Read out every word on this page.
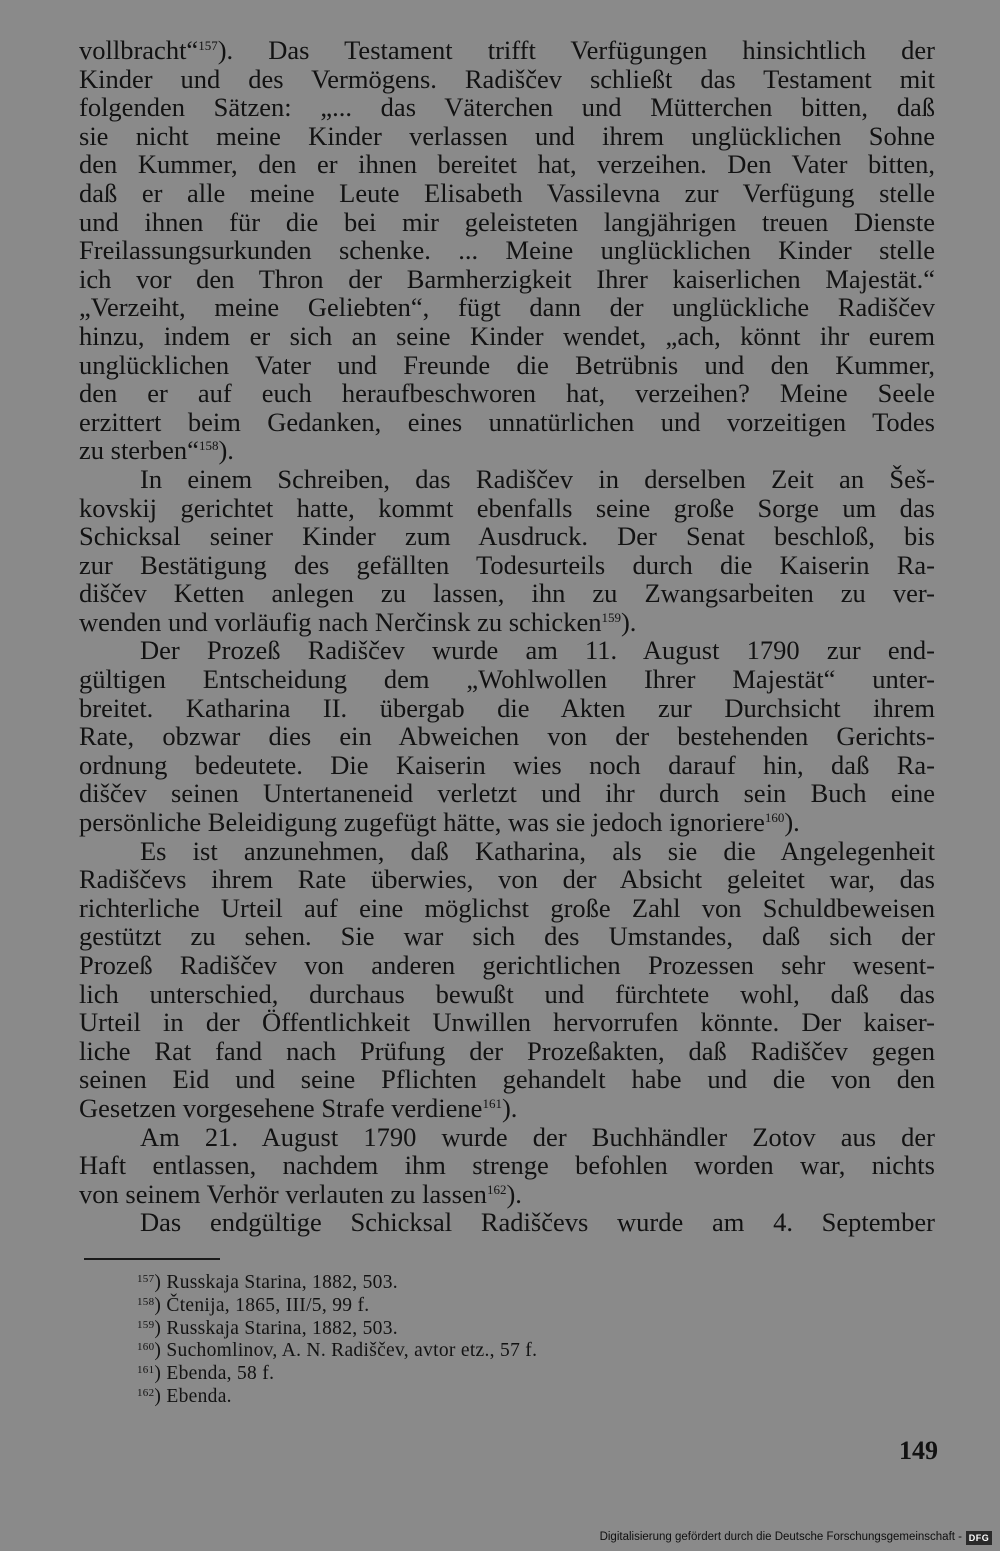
vollbracht“$^{157}$). Das Testament trifft Verfügungen hinsichtlich der
Kinder und des Vermögens. Radiščev schließt das Testament mit
folgenden Sätzen: „... das Väterchen und Mütterchen bitten, daß
sie nicht meine Kinder verlassen und ihrem unglücklichen Sohne
den Kummer, den er ihnen bereitet hat, verzeihen. Den Vater bitten,
daß er alle meine Leute Elisabeth Vassilevna zur Verfügung stelle
und ihnen für die bei mir geleisteten langjährigen treuen Dienste
Freilassungsurkunden schenke. ... Meine unglücklichen Kinder stelle
ich vor den Thron der Barmherzigkeit Ihrer kaiserlichen Majestät.“
„Verzeiht, meine Geliebten“, fügt dann der unglückliche Radiščev
hinzu, indem er sich an seine Kinder wendet, „ach, könnt ihr eurem
unglücklichen Vater und Freunde die Betrübnis und den Kummer,
den er auf euch heraufbeschworen hat, verzeihen? Meine Seele
erzittert beim Gedanken, eines unnatürlichen und vorzeitigen Todes
zu sterben“$^{158}$).
In einem Schreiben, das Radiščev in derselben Zeit an Šeš-
kovskij gerichtet hatte, kommt ebenfalls seine große Sorge um das
Schicksal seiner Kinder zum Ausdruck. Der Senat beschloß, bis
zur Bestätigung des gefällten Todesurteils durch die Kaiserin Ra-
diščev Ketten anlegen zu lassen, ihn zu Zwangsarbeiten zu ver-
wenden und vorläufig nach Nerčinsk zu schicken$^{159}$).
Der Prozeß Radiščev wurde am 11. August 1790 zur end-
gültigen Entscheidung dem „Wohlwollen Ihrer Majestät“ unter-
breitet. Katharina II. übergab die Akten zur Durchsicht ihrem
Rate, obzwar dies ein Abweichen von der bestehenden Gerichts-
ordnung bedeutete. Die Kaiserin wies noch darauf hin, daß Ra-
diščev seinen Untertaneneid verletzt und ihr durch sein Buch eine
persönliche Beleidigung zugefügt hätte, was sie jedoch ignoriere$^{160}$).
Es ist anzunehmen, daß Katharina, als sie die Angelegenheit
Radiščevs ihrem Rate überwies, von der Absicht geleitet war, das
richterliche Urteil auf eine möglichst große Zahl von Schuldbeweisen
gestützt zu sehen. Sie war sich des Umstandes, daß sich der
Prozeß Radiščev von anderen gerichtlichen Prozessen sehr wesent-
lich unterschied, durchaus bewußt und fürchtete wohl, daß das
Urteil in der Öffentlichkeit Unwillen hervorrufen könnte. Der kaiser-
liche Rat fand nach Prüfung der Prozeßakten, daß Radiščev gegen
seinen Eid und seine Pflichten gehandelt habe und die von den
Gesetzen vorgesehene Strafe verdiene$^{161}$).
Am 21. August 1790 wurde der Buchhändler Zotov aus der
Haft entlassen, nachdem ihm strenge befohlen worden war, nichts
von seinem Verhör verlauten zu lassen$^{162}$).
Das endgültige Schicksal Radiščevs wurde am 4. September
$^{157}$) Russkaja Starina, 1882, 503.
$^{158}$) Čtenija, 1865, III/5, 99 f.
$^{159}$) Russkaja Starina, 1882, 503.
$^{160}$) Suchomlinov, A. N. Radiščev, avtor etz., 57 f.
$^{161}$) Ebenda, 58 f.
$^{162}$) Ebenda.
149
Digitalisierung gefördert durch die Deutsche Forschungsgemeinschaft - DFG
